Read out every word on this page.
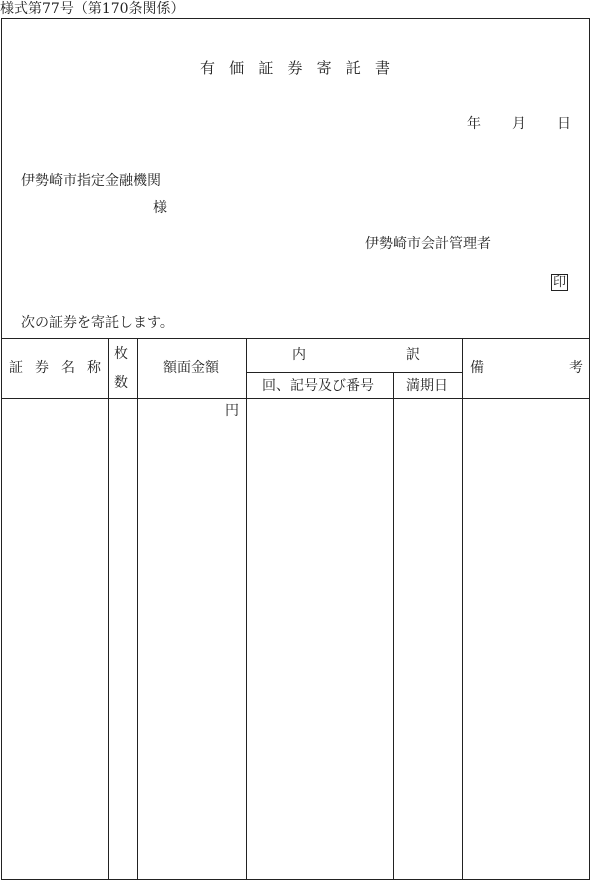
様式第77号（第170条関係）
有 価 証 券 寄 託 書
年 月 日
伊勢崎市指定金融機関
様
伊勢崎市会計管理者
印
次の証券を寄託します。
証 券 名 称
枚
数
額面金額
内	訳
回、記号及び番号 満期日
備	考
円
